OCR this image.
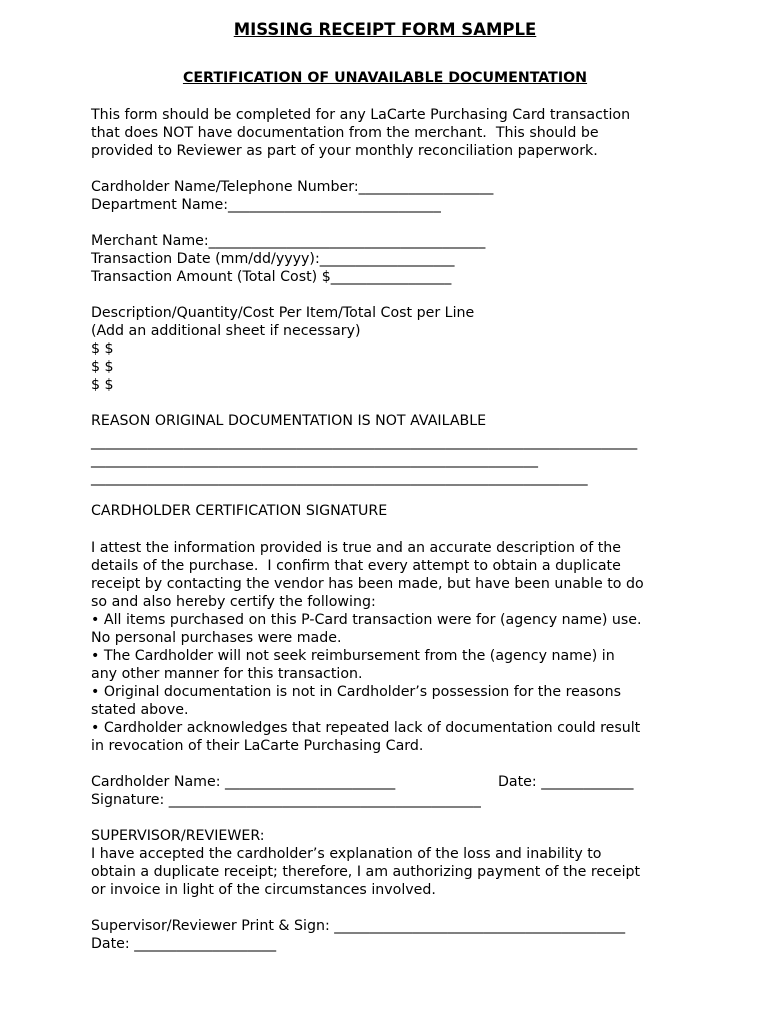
MISSING RECEIPT FORM SAMPLE
CERTIFICATION OF UNAVAILABLE DOCUMENTATION
This form should be completed for any LaCarte Purchasing Card transaction
that does NOT have documentation from the merchant.  This should be
provided to Reviewer as part of your monthly reconciliation paperwork.
Cardholder Name/Telephone Number:___________________
Department Name:______________________________
Merchant Name:_______________________________________
Transaction Date (mm/dd/yyyy):___________________
Transaction Amount (Total Cost) $_________________
Description/Quantity/Cost Per Item/Total Cost per Line
(Add an additional sheet if necessary)
$ $
$ $
$ $
REASON ORIGINAL DOCUMENTATION IS NOT AVAILABLE
_____________________________________________________________________________
_______________________________________________________________
______________________________________________________________________
CARDHOLDER CERTIFICATION SIGNATURE
I attest the information provided is true and an accurate description of the
details of the purchase.  I confirm that every attempt to obtain a duplicate
receipt by contacting the vendor has been made, but have been unable to do
so and also hereby certify the following:
• All items purchased on this P-Card transaction were for (agency name) use.
No personal purchases were made.
• The Cardholder will not seek reimbursement from the (agency name) in
any other manner for this transaction.
• Original documentation is not in Cardholder’s possession for the reasons
stated above.
• Cardholder acknowledges that repeated lack of documentation could result
in revocation of their LaCarte Purchasing Card.
Cardholder Name: ________________________	Date: _____________
Signature: ____________________________________________
SUPERVISOR/REVIEWER:
I have accepted the cardholder’s explanation of the loss and inability to
obtain a duplicate receipt; therefore, I am authorizing payment of the receipt
or invoice in light of the circumstances involved.
Supervisor/Reviewer Print & Sign: _________________________________________
Date: ____________________
